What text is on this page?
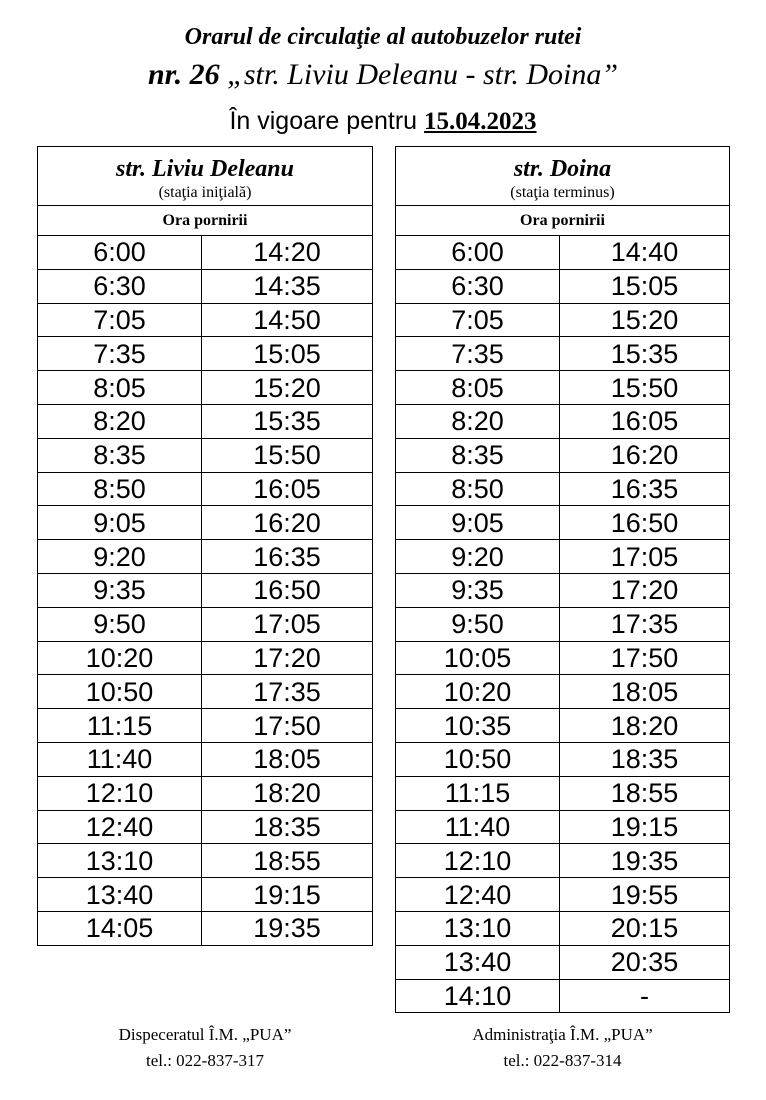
Orarul de circulaţie al autobuzelor rutei
nr. 26 „str. Liviu Deleanu - str. Doina”
În vigoare pentru 15.04.2023
str. Liviu Deleanu
(staţia iniţială)	

Ora pornirii	
6:00	14:20
6:30	14:35
7:05	14:50
7:35	15:05
8:05	15:20
8:20	15:35
8:35	15:50
8:50	16:05
9:05	16:20
9:20	16:35
9:35	16:50
9:50	17:05
10:20	17:20
10:50	17:35
11:15	17:50
11:40	18:05
12:10	18:20
12:40	18:35
13:10	18:55
13:40	19:15
14:05	19:35
str. Doina
(staţia terminus)	

Ora pornirii	
6:00	14:40
6:30	15:05
7:05	15:20
7:35	15:35
8:05	15:50
8:20	16:05
8:35	16:20
8:50	16:35
9:05	16:50
9:20	17:05
9:35	17:20
9:50	17:35
10:05	17:50
10:20	18:05
10:35	18:20
10:50	18:35
11:15	18:55
11:40	19:15
12:10	19:35
12:40	19:55
13:10	20:15
13:40	20:35
14:10	-
Dispeceratul Î.M. „PUA”
tel.: 022-837-317
Administraţia Î.M. „PUA”
tel.: 022-837-314
